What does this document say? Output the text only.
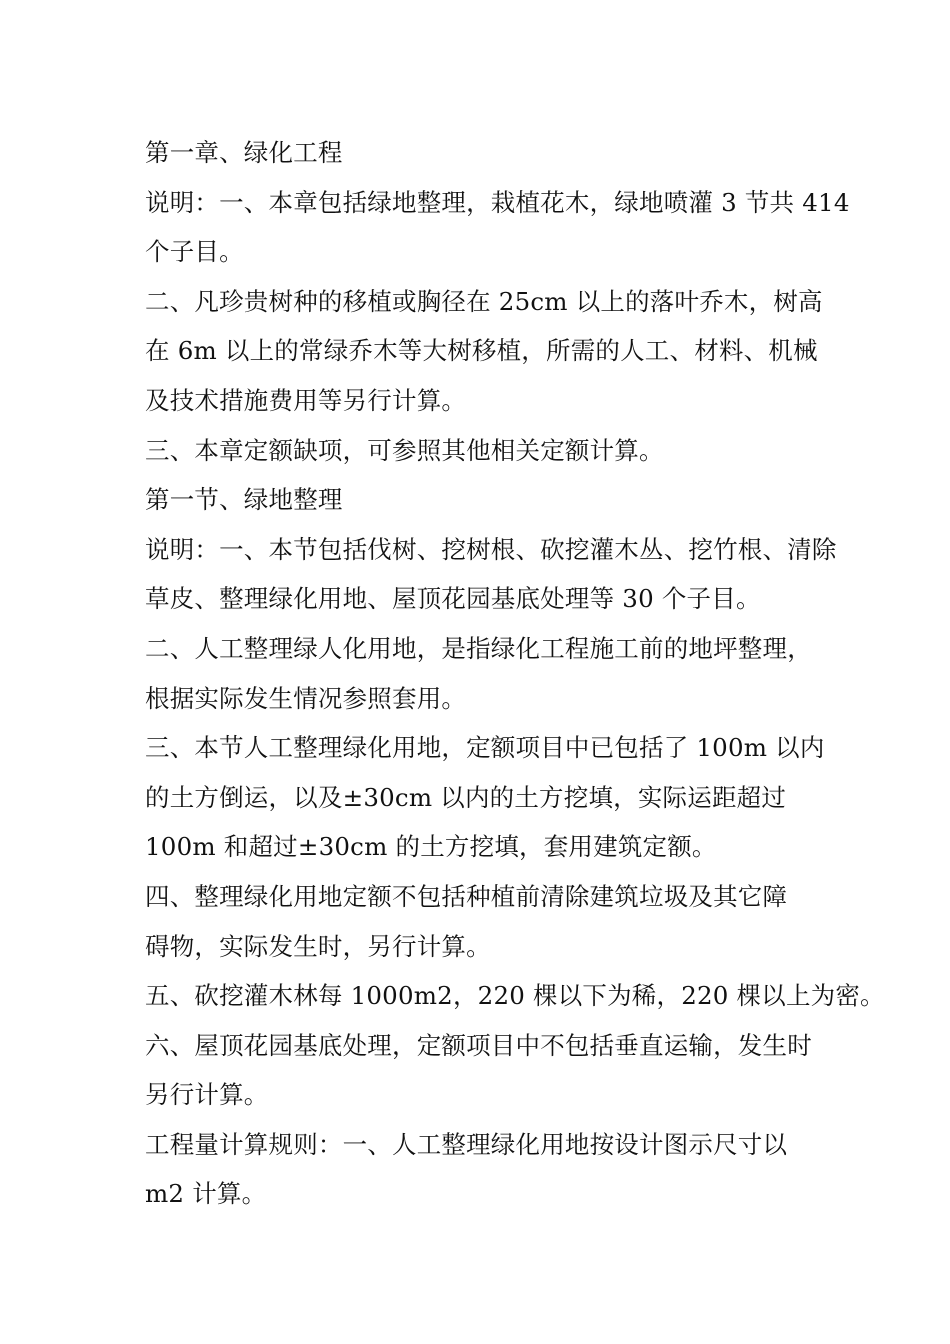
第一章、绿化工程
说明：一、本章包括绿地整理，栽植花木，绿地喷灌 3 节共 414
个子目。
二、凡珍贵树种的移植或胸径在 25cm 以上的落叶乔木，树高
在 6m 以上的常绿乔木等大树移植，所需的人工、材料、机械
及技术措施费用等另行计算。
三、本章定额缺项，可参照其他相关定额计算。
第一节、绿地整理
说明：一、本节包括伐树、挖树根、砍挖灌木丛、挖竹根、清除
草皮、整理绿化用地、屋顶花园基底处理等 30 个子目。
二、人工整理绿人化用地，是指绿化工程施工前的地坪整理，
根据实际发生情况参照套用。
三、本节人工整理绿化用地，定额项目中已包括了 100m 以内
的土方倒运，以及±30cm 以内的土方挖填，实际运距超过
100m 和超过±30cm 的土方挖填，套用建筑定额。
四、整理绿化用地定额不包括种植前清除建筑垃圾及其它障
碍物，实际发生时，另行计算。
五、砍挖灌木林每 1000m2，220 棵以下为稀，220 棵以上为密。
六、屋顶花园基底处理，定额项目中不包括垂直运输，发生时
另行计算。
工程量计算规则：一、人工整理绿化用地按设计图示尺寸以
m2 计算。
